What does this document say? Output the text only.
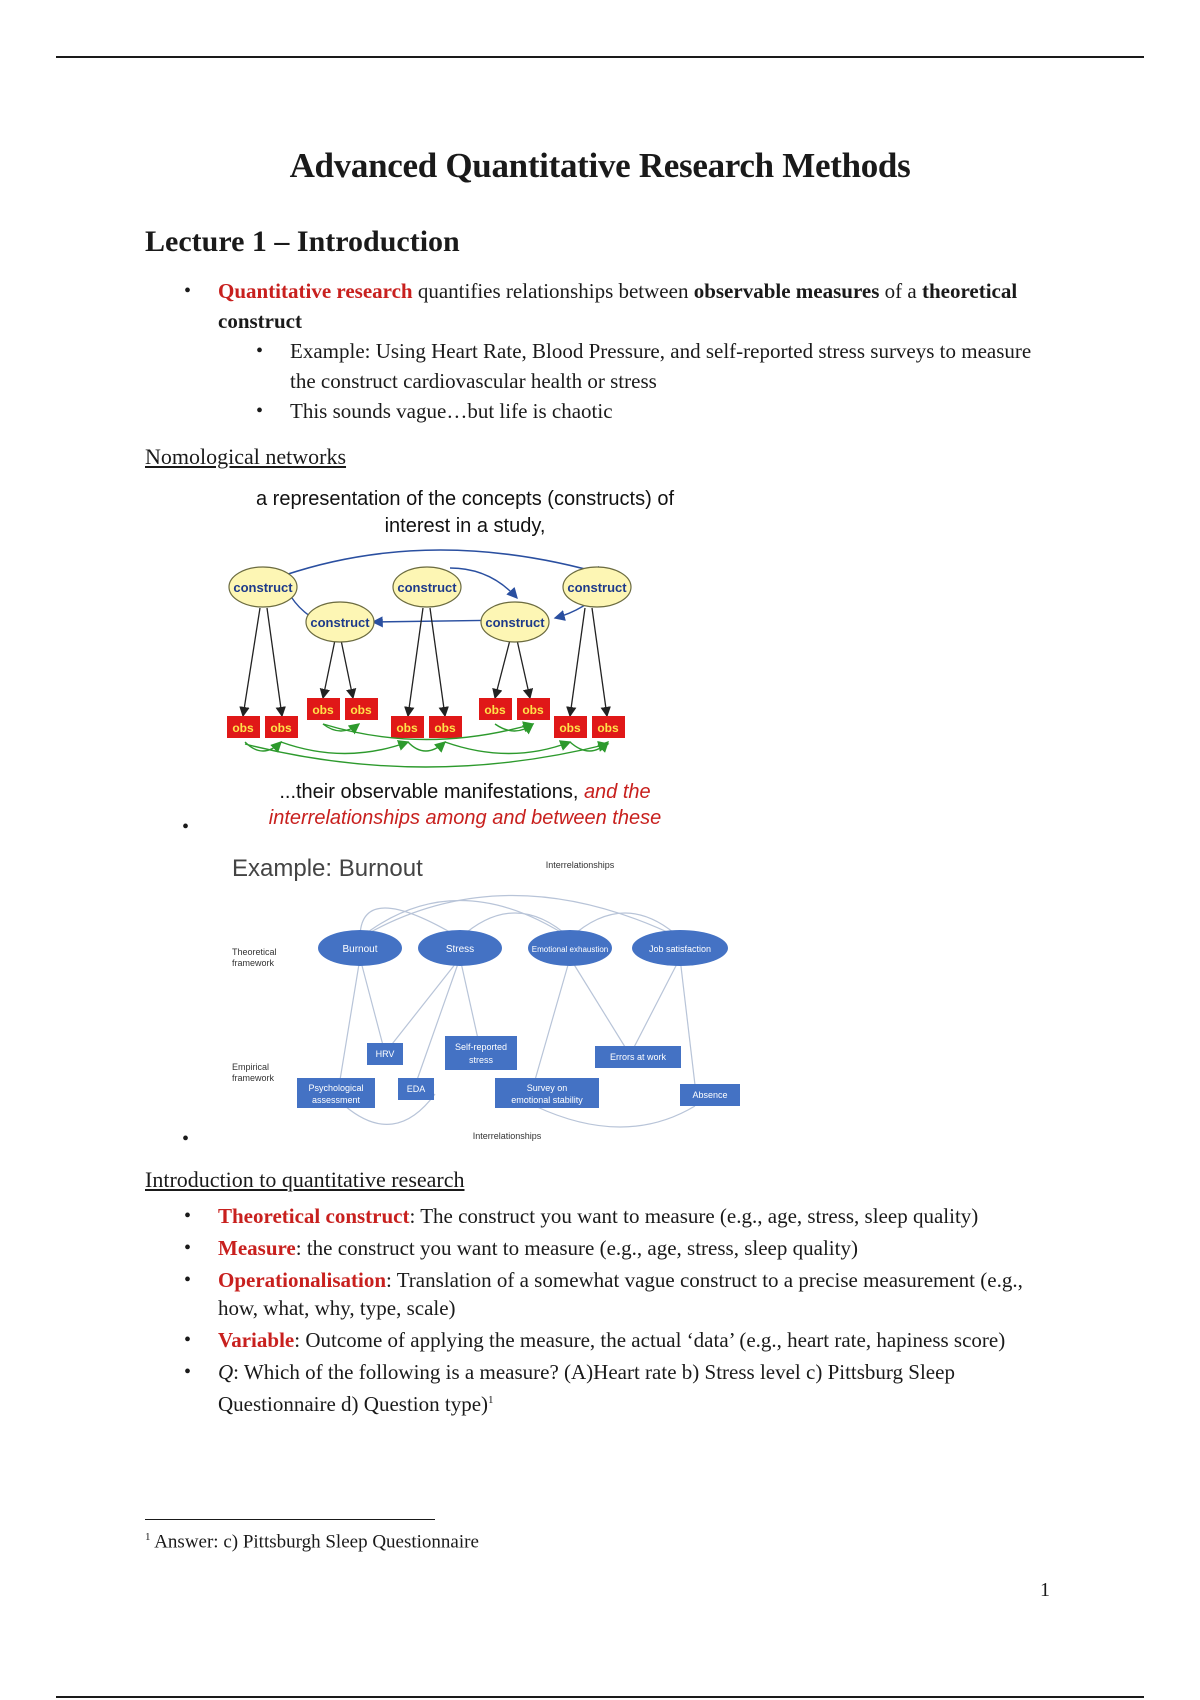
Advanced Quantitative Research Methods
Lecture 1 – Introduction
• Quantitative research quantifies relationships between observable measures of a theoretical construct
• Example: Using Heart Rate, Blood Pressure, and self-reported stress surveys to measure the construct cardiovascular health or stress
• This sounds vague…but life is chaotic
Nomological networks
a representation of the concepts (constructs) of
interest in a study,
construct	construct	construct
construct	construct
obs obs
obs obs
obs obs
obs obs
obs obs
...their observable manifestations, and the
interrelationships among and between these
•
Example: Burnout	Interrelationships
Theoretical
framework
Empirical
framework
Burnout	Stress	Emotional exhaustion	Job satisfaction
HRV
Psychological
assessment
EDA
Self-reported
stress
Survey on
emotional stability
Errors at work
Absence
Interrelationships
•
Introduction to quantitative research
• Theoretical construct: The construct you want to measure (e.g., age, stress, sleep quality)
• Measure: the construct you want to measure (e.g., age, stress, sleep quality)
• Operationalisation: Translation of a somewhat vague construct to a precise measurement (e.g., how, what, why, type, scale)
• Variable: Outcome of applying the measure, the actual ‘data’ (e.g., heart rate, hapiness score)
• Q: Which of the following is a measure? (A)Heart rate b) Stress level c) Pittsburg Sleep Questionnaire d) Question type)$^1$
$^1$ Answer: c) Pittsburgh Sleep Questionnaire
1
